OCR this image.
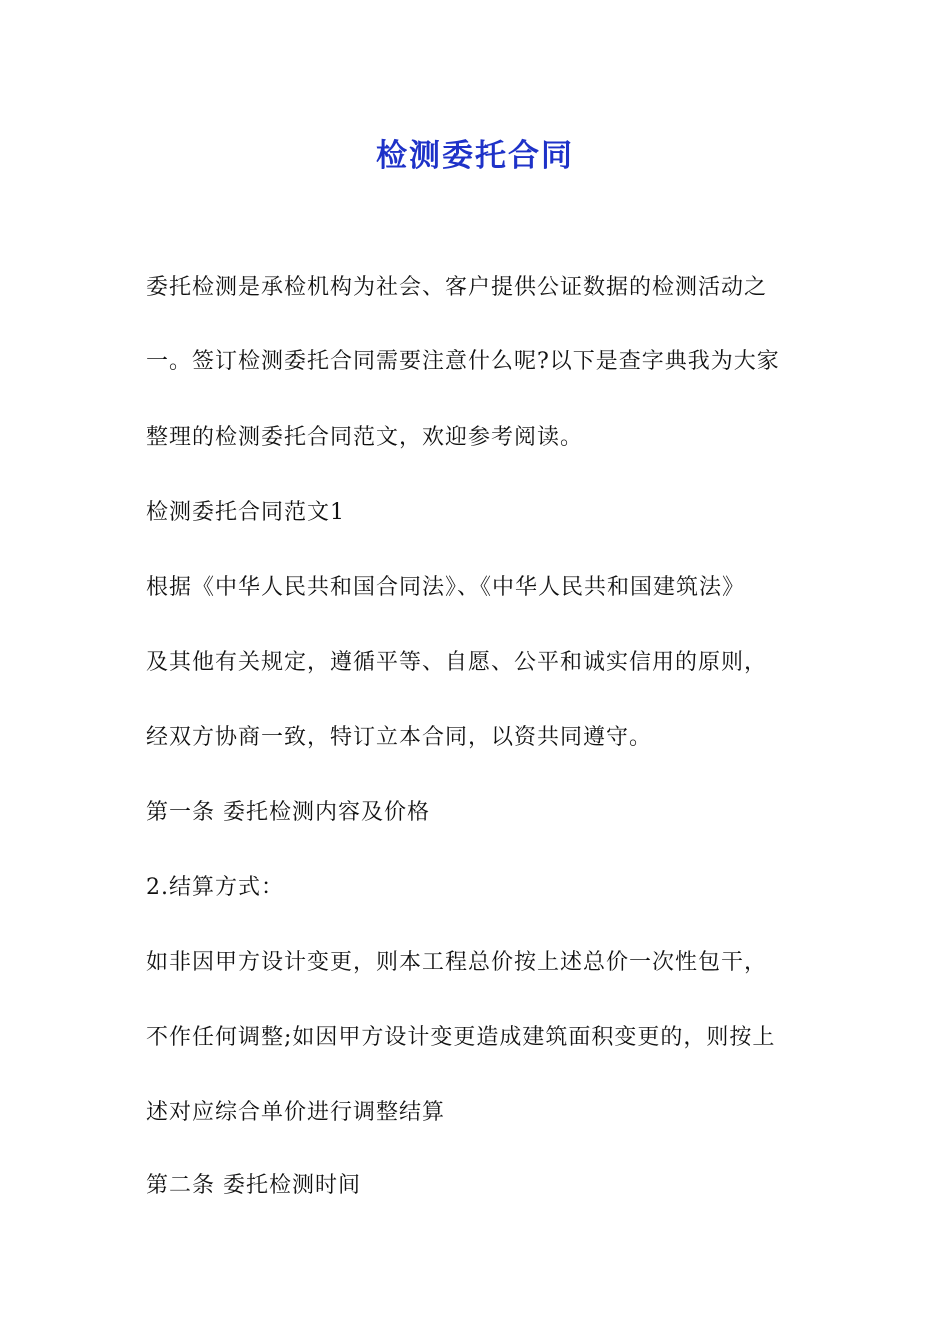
检测委托合同
委托检测是承检机构为社会、客户提供公证数据的检测活动之
一。签订检测委托合同需要注意什么呢?以下是查字典我为大家
整理的检测委托合同范文，欢迎参考阅读。
检测委托合同范文1
根据《中华人民共和国合同法》、《中华人民共和国建筑法》
及其他有关规定，遵循平等、自愿、公平和诚实信用的原则，
经双方协商一致，特订立本合同，以资共同遵守。
第一条 委托检测内容及价格
2.结算方式：
如非因甲方设计变更，则本工程总价按上述总价一次性包干，
不作任何调整;如因甲方设计变更造成建筑面积变更的，则按上
述对应综合单价进行调整结算
第二条 委托检测时间
